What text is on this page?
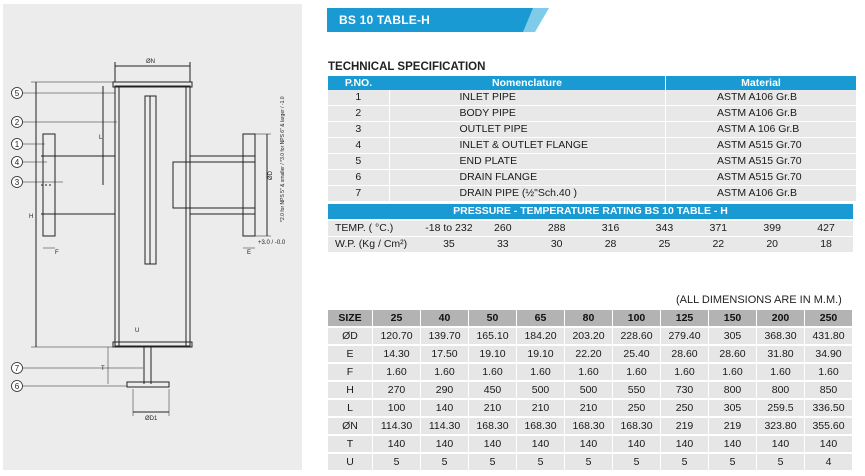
5
2
1
4
3
7
6
ØN
ØD1
H
L
F	E
T
U
ØD
+3.0 / -0.0
*2.0 for NPS 5" & smaller / *3.0 for NPS 6" & larger / -1.0
BS 10 TABLE-H
TECHNICAL SPECIFICATION
P.NO.	Nomenclature	Material
1	INLET PIPE	ASTM A106 Gr.B
2	BODY PIPE	ASTM A106 Gr.B
3	OUTLET PIPE	ASTM A 106 Gr.B
4	INLET & OUTLET FLANGE	ASTM A515 Gr.70
5	END PLATE	ASTM A515 Gr.70
6	DRAIN FLANGE	ASTM A515 Gr.70
7	DRAIN PIPE (½"Sch.40 )	ASTM A106 Gr.B
PRESSURE - TEMPERATURE RATING BS 10 TABLE - H
TEMP. ( °C.)	-18 to 232	260	288	316	343	371	399	427
W.P. (Kg / Cm²)	35	33	30	28	25	22	20	18
(ALL DIMENSIONS ARE IN M.M.)
SIZE	25	40	50	65	80	100	125	150	200	250
ØD	120.70	139.70	165.10	184.20	203.20	228.60	279.40	305	368.30	431.80
E	14.30	17.50	19.10	19.10	22.20	25.40	28.60	28.60	31.80	34.90
F	1.60	1.60	1.60	1.60	1.60	1.60	1.60	1.60	1.60	1.60
H	270	290	450	500	500	550	730	800	800	850
L	100	140	210	210	210	250	250	305	259.5	336.50
ØN	114.30	114.30	168.30	168.30	168.30	168.30	219	219	323.80	355.60
T	140	140	140	140	140	140	140	140	140	140
U	5	5	5	5	5	5	5	5	5	4
